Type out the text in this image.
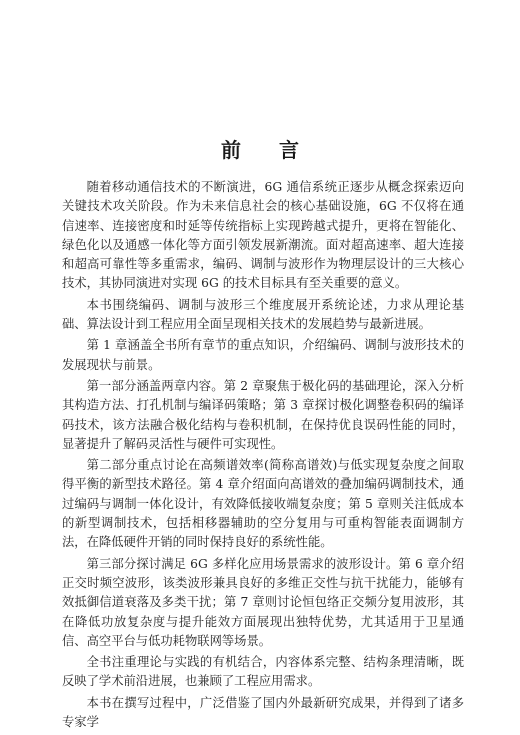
前言

随着移动通信技术的不断演进，6G 通信系统正逐步从概念探索迈向关键技术攻关阶段。作为未来信息社会的核心基础设施，6G 不仅将在通信速率、连接密度和时延等传统指标上实现跨越式提升，更将在智能化、绿色化以及通感一体化等方面引领发展新潮流。面对超高速率、超大连接和超高可靠性等多重需求，编码、调制与波形作为物理层设计的三大核心技术，其协同演进对实现 6G 的技术目标具有至关重要的意义。

本书围绕编码、调制与波形三个维度展开系统论述，力求从理论基础、算法设计到工程应用全面呈现相关技术的发展趋势与最新进展。

第 1 章涵盖全书所有章节的重点知识，介绍编码、调制与波形技术的发展现状与前景。

第一部分涵盖两章内容。第 2 章聚焦于极化码的基础理论，深入分析其构造方法、打孔机制与编译码策略；第 3 章探讨极化调整卷积码的编译码技术，该方法融合极化结构与卷积机制，在保持优良误码性能的同时，显著提升了解码灵活性与硬件可实现性。

第二部分重点讨论在高频谱效率(简称高谱效)与低实现复杂度之间取得平衡的新型技术路径。第 4 章介绍面向高谱效的叠加编码调制技术，通过编码与调制一体化设计，有效降低接收端复杂度；第 5 章则关注低成本的新型调制技术，包括相移器辅助的空分复用与可重构智能表面调制方法，在降低硬件开销的同时保持良好的系统性能。

第三部分探讨满足 6G 多样化应用场景需求的波形设计。第 6 章介绍正交时频空波形，该类波形兼具良好的多维正交性与抗干扰能力，能够有效抵御信道衰落及多类干扰；第 7 章则讨论恒包络正交频分复用波形，其在降低功放复杂度与提升能效方面展现出独特优势，尤其适用于卫星通信、高空平台与低功耗物联网等场景。

全书注重理论与实践的有机结合，内容体系完整、结构条理清晰，既反映了学术前沿进展，也兼顾了工程应用需求。

本书在撰写过程中，广泛借鉴了国内外最新研究成果，并得到了诸多专家学
